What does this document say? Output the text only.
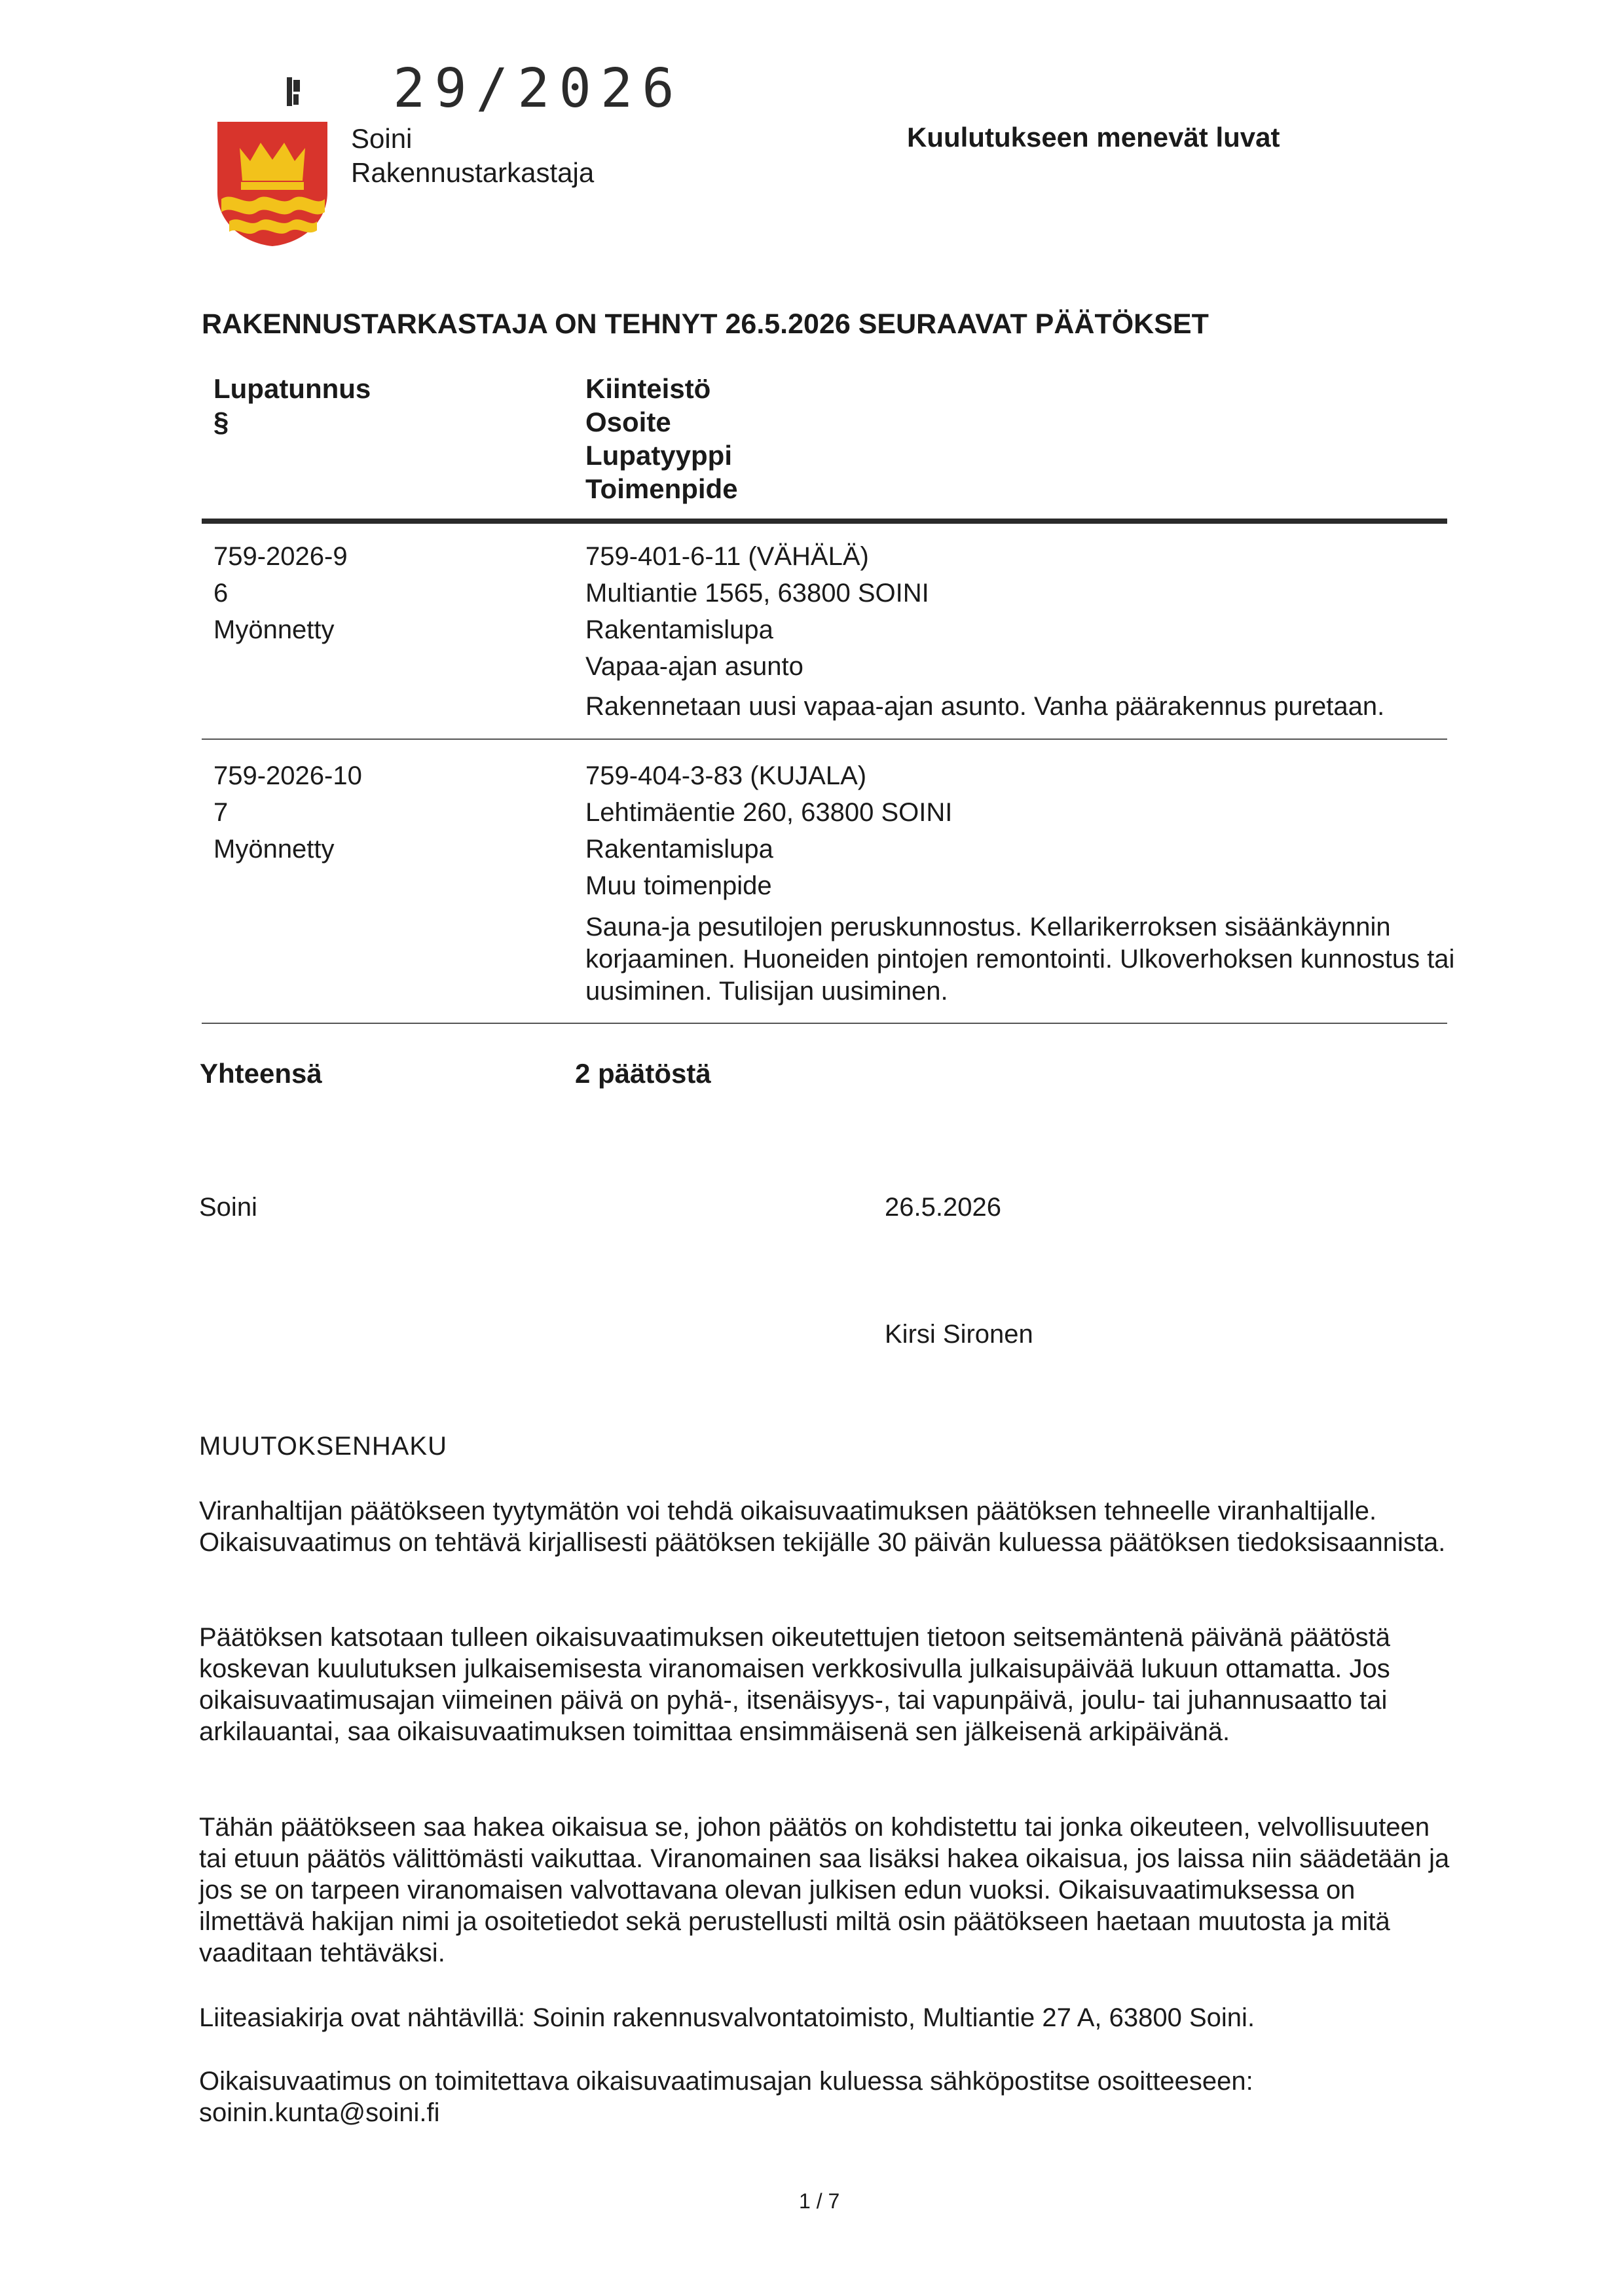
29/2026
Soini
Rakennustarkastaja
Kuulutukseen menevät luvat
RAKENNUSTARKASTAJA ON TEHNYT 26.5.2026 SEURAAVAT PÄÄTÖKSET
Lupatunnus
§
Kiinteistö
Osoite
Lupatyyppi
Toimenpide
759-2026-9
6
Myönnetty
759-401-6-11 (VÄHÄLÄ)
Multiantie 1565, 63800 SOINI
Rakentamislupa
Vapaa-ajan asunto
Rakennetaan uusi vapaa-ajan asunto. Vanha päärakennus puretaan.
759-2026-10
7
Myönnetty
759-404-3-83 (KUJALA)
Lehtimäentie 260, 63800 SOINI
Rakentamislupa
Muu toimenpide
Sauna-ja pesutilojen peruskunnostus. Kellarikerroksen sisäänkäynnin korjaaminen. Huoneiden pintojen remontointi. Ulkoverhoksen kunnostus tai uusiminen. Tulisijan uusiminen.
Yhteensä	2 päätöstä
Soini	26.5.2026
Kirsi Sironen
MUUTOKSENHAKU
Viranhaltijan päätökseen tyytymätön voi tehdä oikaisuvaatimuksen päätöksen tehneelle viranhaltijalle. Oikaisuvaatimus on tehtävä kirjallisesti päätöksen tekijälle 30 päivän kuluessa päätöksen tiedoksisaannista.
Päätöksen katsotaan tulleen oikaisuvaatimuksen oikeutettujen tietoon seitsemäntenä päivänä päätöstä koskevan kuulutuksen julkaisemisesta viranomaisen verkkosivulla julkaisupäivää lukuun ottamatta. Jos oikaisuvaatimusajan viimeinen päivä on pyhä-, itsenäisyys-, tai vapunpäivä, joulu- tai juhannusaatto tai arkilauantai, saa oikaisuvaatimuksen toimittaa ensimmäisenä sen jälkeisenä arkipäivänä.
Tähän päätökseen saa hakea oikaisua se, johon päätös on kohdistettu tai jonka oikeuteen, velvollisuuteen tai etuun päätös välittömästi vaikuttaa. Viranomainen saa lisäksi hakea oikaisua, jos laissa niin säädetään ja jos se on tarpeen viranomaisen valvottavana olevan julkisen edun vuoksi. Oikaisuvaatimuksessa on ilmettävä hakijan nimi ja osoitetiedot sekä perustellusti miltä osin päätökseen haetaan muutosta ja mitä vaaditaan tehtäväksi.
Liiteasiakirja ovat nähtävillä: Soinin rakennusvalvontatoimisto, Multiantie 27 A, 63800 Soini.
Oikaisuvaatimus on toimitettava oikaisuvaatimusajan kuluessa sähköpostitse osoitteeseen: soinin.kunta@soini.fi
1 / 7
